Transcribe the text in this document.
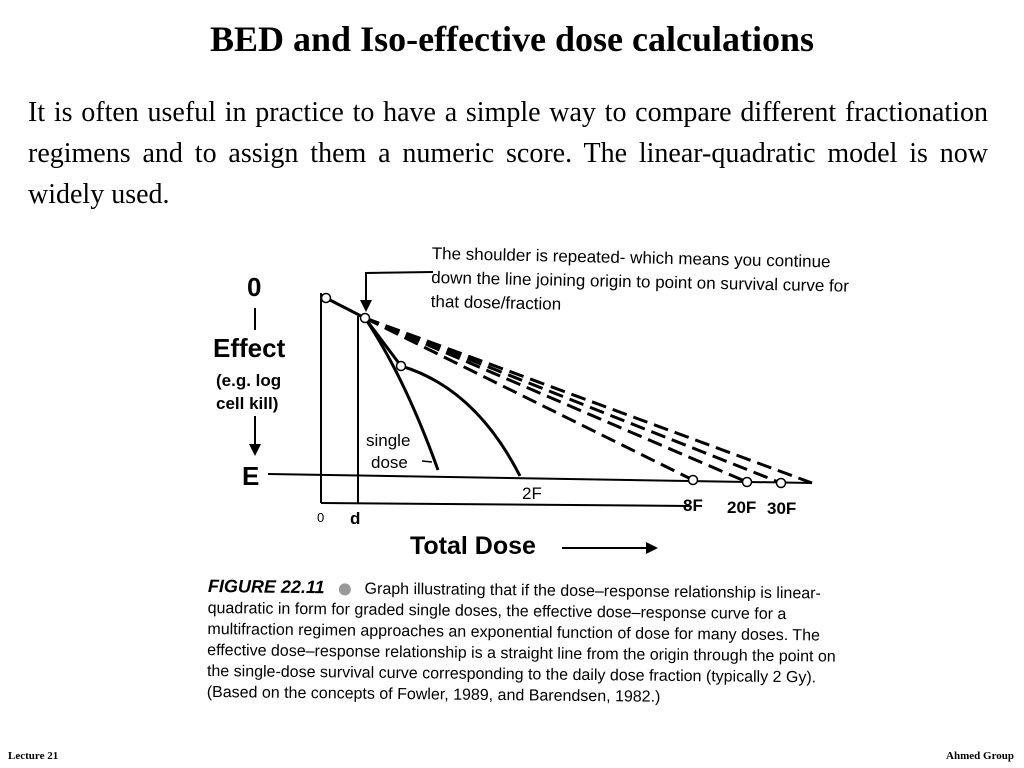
BED and Iso-effective dose calculations
It is often useful in practice to have a simple way to compare different fractionation regimens and to assign them a numeric score. The linear-quadratic model is now widely used.
0
Effect
(e.g. log
cell kill)
E
0 d
Total Dose
single
dose
2F
8F 20F 30F
The shoulder is repeated- which means you continue down the line joining origin to point on survival curve for that dose/fraction
FIGURE 22.11 Graph illustrating that if the dose–response relationship is linear-quadratic in form for graded single doses, the effective dose–response curve for a multifraction regimen approaches an exponential function of dose for many doses. The effective dose–response relationship is a straight line from the origin through the point on the single-dose survival curve corresponding to the daily dose fraction (typically 2 Gy). (Based on the concepts of Fowler, 1989, and Barendsen, 1982.)
Lecture 21	Ahmed Group
